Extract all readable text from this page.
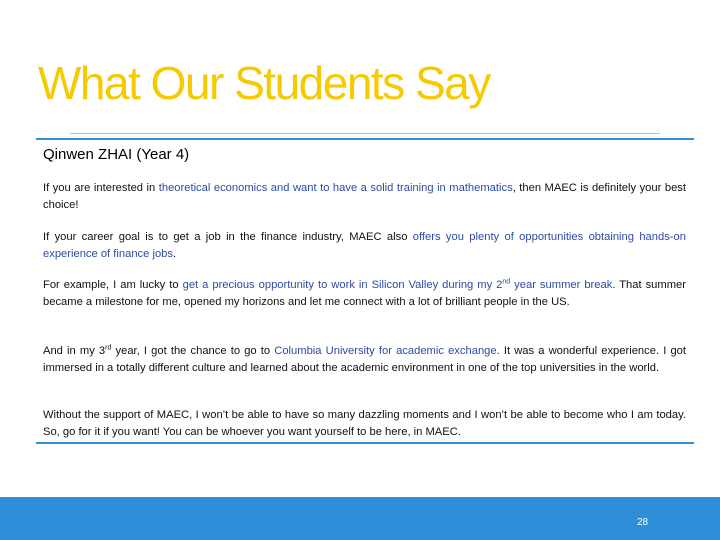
What Our Students Say
Qinwen ZHAI (Year 4)

If you are interested in theoretical economics and want to have a solid training in mathematics, then MAEC is definitely your best choice!

If your career goal is to get a job in the finance industry, MAEC also offers you plenty of opportunities obtaining hands-on experience of finance jobs.

For example, I am lucky to get a precious opportunity to work in Silicon Valley during my 2nd year summer break. That summer became a milestone for me, opened my horizons and let me connect with a lot of brilliant people in the US.

And in my 3rd year, I got the chance to go to Columbia University for academic exchange. It was a wonderful experience. I got immersed in a totally different culture and learned about the academic environment in one of the top universities in the world.

Without the support of MAEC, I won’t be able to have so many dazzling moments and I won’t be able to become who I am today. So, go for it if you want! You can be whoever you want yourself to be here, in MAEC.

28
